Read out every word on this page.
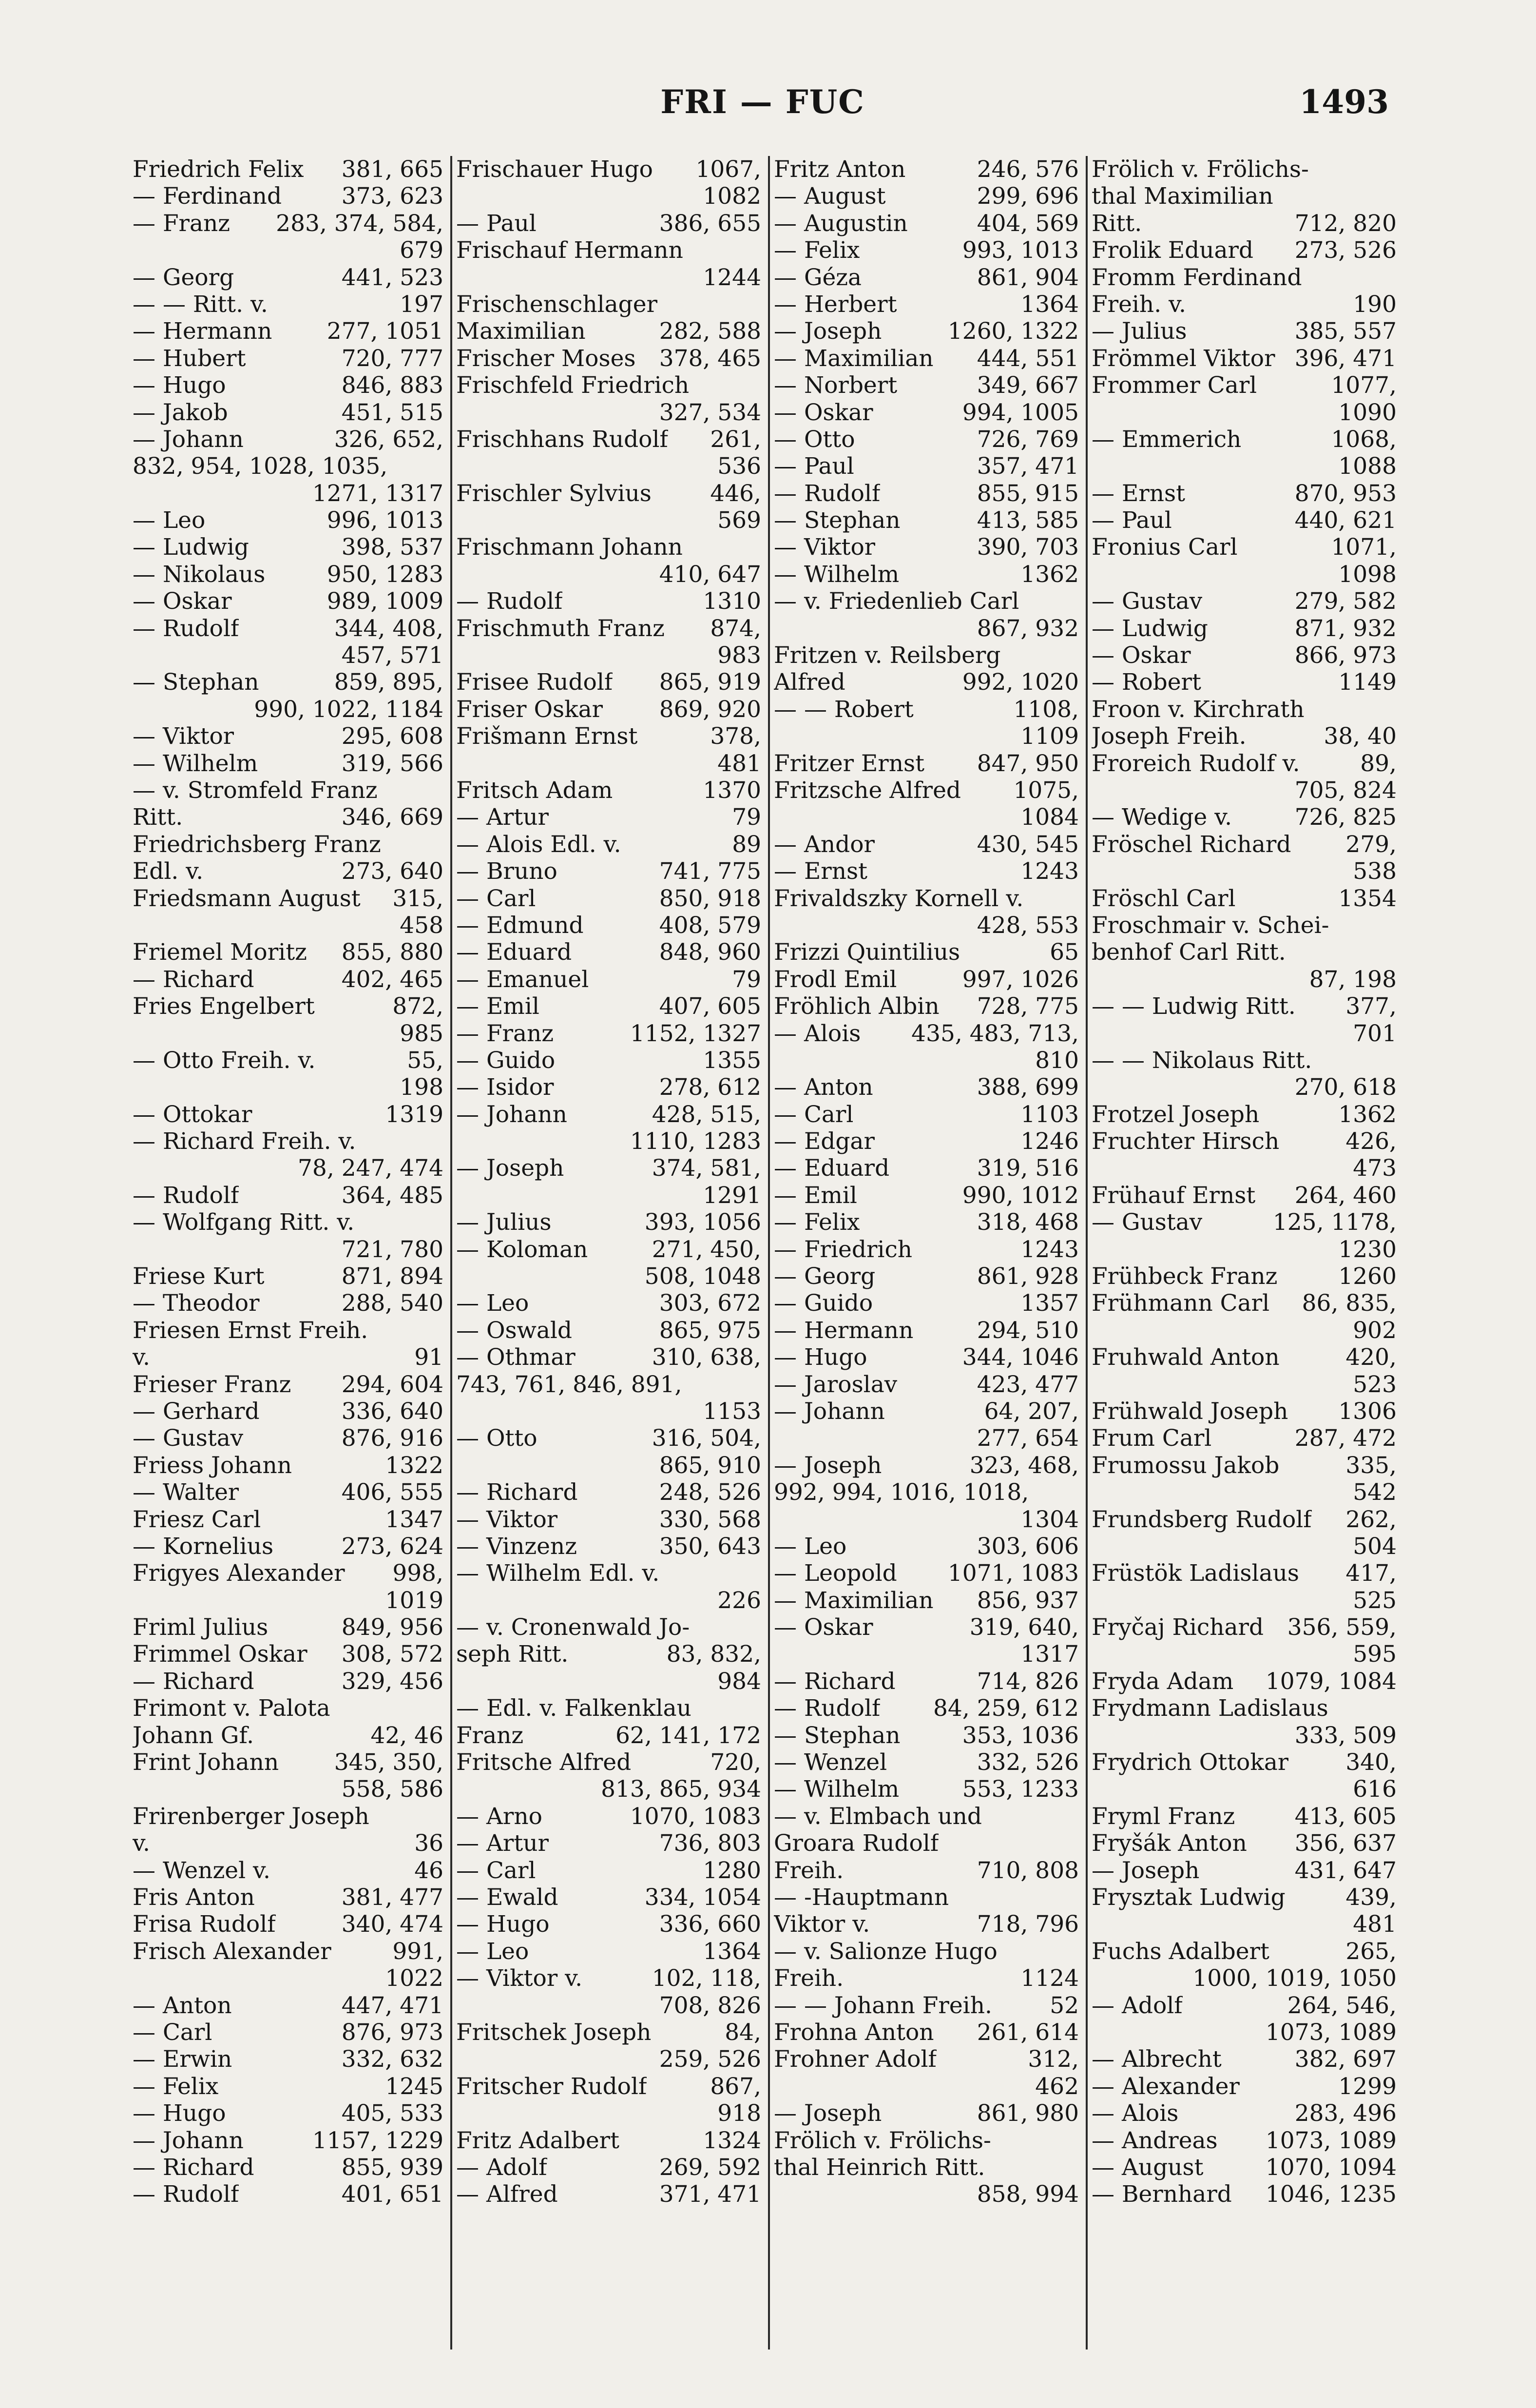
FRI — FUC	1493
Friedrich Felix	381, 665
— Ferdinand	373, 623
— Franz	283, 374, 584,
679
— Georg	441, 523
— — Ritt. v.	197
— Hermann	277, 1051
— Hubert	720, 777
— Hugo	846, 883
— Jakob	451, 515
— Johann	326, 652,
832, 954, 1028, 1035,
1271, 1317
— Leo	996, 1013
— Ludwig	398, 537
— Nikolaus	950, 1283
— Oskar	989, 1009
— Rudolf	344, 408,
457, 571
— Stephan	859, 895,
990, 1022, 1184
— Viktor	295, 608
— Wilhelm	319, 566
— v. Stromfeld Franz
Ritt.	346, 669
Friedrichsberg Franz
Edl. v.	273, 640
Friedsmann August	315,
458
Friemel Moritz	855, 880
— Richard	402, 465
Fries Engelbert	872,
985
— Otto Freih. v.	55,
198
— Ottokar	1319
— Richard Freih. v.
78, 247, 474
— Rudolf	364, 485
— Wolfgang Ritt. v.
721, 780
Friese Kurt	871, 894
— Theodor	288, 540
Friesen Ernst Freih.
v.	91
Frieser Franz	294, 604
— Gerhard	336, 640
— Gustav	876, 916
Friess Johann	1322
— Walter	406, 555
Friesz Carl	1347
— Kornelius	273, 624
Frigyes Alexander	998,
1019
Friml Julius	849, 956
Frimmel Oskar	308, 572
— Richard	329, 456
Frimont v. Palota
Johann Gf.	42, 46
Frint Johann	345, 350,
558, 586
Frirenberger Joseph
v.	36
— Wenzel v.	46
Fris Anton	381, 477
Frisa Rudolf	340, 474
Frisch Alexander	991,
1022
— Anton	447, 471
— Carl	876, 973
— Erwin	332, 632
— Felix	1245
— Hugo	405, 533
— Johann	1157, 1229
— Richard	855, 939
— Rudolf	401, 651
Frischauer Hugo	1067,
1082
— Paul	386, 655
Frischauf Hermann
1244
Frischenschlager
Maximilian	282, 588
Frischer Moses	378, 465
Frischfeld Friedrich
327, 534
Frischhans Rudolf	261,
536
Frischler Sylvius	446,
569
Frischmann Johann
410, 647
— Rudolf	1310
Frischmuth Franz	874,
983
Frisee Rudolf	865, 919
Friser Oskar	869, 920
Frišmann Ernst	378,
481
Fritsch Adam	1370
— Artur	79
— Alois Edl. v.	89
— Bruno	741, 775
— Carl	850, 918
— Edmund	408, 579
— Eduard	848, 960
— Emanuel	79
— Emil	407, 605
— Franz	1152, 1327
— Guido	1355
— Isidor	278, 612
— Johann	428, 515,
1110, 1283
— Joseph	374, 581,
1291
— Julius	393, 1056
— Koloman	271, 450,
508, 1048
— Leo	303, 672
— Oswald	865, 975
— Othmar	310, 638,
743, 761, 846, 891,
1153
— Otto	316, 504,
865, 910
— Richard	248, 526
— Viktor	330, 568
— Vinzenz	350, 643
— Wilhelm Edl. v.
226
— v. Cronenwald Jo-
seph Ritt.	83, 832,
984
— Edl. v. Falkenklau
Franz	62, 141, 172
Fritsche Alfred	720,
813, 865, 934
— Arno	1070, 1083
— Artur	736, 803
— Carl	1280
— Ewald	334, 1054
— Hugo	336, 660
— Leo	1364
— Viktor v.	102, 118,
708, 826
Fritschek Joseph	84,
259, 526
Fritscher Rudolf	867,
918
Fritz Adalbert	1324
— Adolf	269, 592
— Alfred	371, 471
Fritz Anton	246, 576
— August	299, 696
— Augustin	404, 569
— Felix	993, 1013
— Géza	861, 904
— Herbert	1364
— Joseph	1260, 1322
— Maximilian	444, 551
— Norbert	349, 667
— Oskar	994, 1005
— Otto	726, 769
— Paul	357, 471
— Rudolf	855, 915
— Stephan	413, 585
— Viktor	390, 703
— Wilhelm	1362
— v. Friedenlieb Carl
867, 932
Fritzen v. Reilsberg
Alfred	992, 1020
— — Robert	1108,
1109
Fritzer Ernst	847, 950
Fritzsche Alfred	1075,
1084
— Andor	430, 545
— Ernst	1243
Frivaldszky Kornell v.
428, 553
Frizzi Quintilius	65
Frodl Emil	997, 1026
Fröhlich Albin	728, 775
— Alois	435, 483, 713,
810
— Anton	388, 699
— Carl	1103
— Edgar	1246
— Eduard	319, 516
— Emil	990, 1012
— Felix	318, 468
— Friedrich	1243
— Georg	861, 928
— Guido	1357
— Hermann	294, 510
— Hugo	344, 1046
— Jaroslav	423, 477
— Johann	64, 207,
277, 654
— Joseph	323, 468,
992, 994, 1016, 1018,
1304
— Leo	303, 606
— Leopold	1071, 1083
— Maximilian	856, 937
— Oskar	319, 640,
1317
— Richard	714, 826
— Rudolf	84, 259, 612
— Stephan	353, 1036
— Wenzel	332, 526
— Wilhelm	553, 1233
— v. Elmbach und
Groara Rudolf
Freih.	710, 808
— -Hauptmann
Viktor v.	718, 796
— v. Salionze Hugo
Freih.	1124
— — Johann Freih.	52
Frohna Anton	261, 614
Frohner Adolf	312,
462
— Joseph	861, 980
Frölich v. Frölichs-
thal Heinrich Ritt.
858, 994
Frölich v. Frölichs-
thal Maximilian
Ritt.	712, 820
Frolik Eduard	273, 526
Fromm Ferdinand
Freih. v.	190
— Julius	385, 557
Frömmel Viktor 396, 471
Frommer Carl	1077,
1090
— Emmerich	1068,
1088
— Ernst	870, 953
— Paul	440, 621
Fronius Carl	1071,
1098
— Gustav	279, 582
— Ludwig	871, 932
— Oskar	866, 973
— Robert	1149
Froon v. Kirchrath
Joseph Freih.	38, 40
Froreich Rudolf v.	89,
705, 824
— Wedige v.	726, 825
Fröschel Richard	279,
538
Fröschl Carl	1354
Froschmair v. Schei-
benhof Carl Ritt.
87, 198
— — Ludwig Ritt.	377,
701
— — Nikolaus Ritt.
270, 618
Frotzel Joseph	1362
Fruchter Hirsch	426,
473
Frühauf Ernst	264, 460
— Gustav	125, 1178,
1230
Frühbeck Franz	1260
Frühmann Carl	86, 835,
902
Fruhwald Anton	420,
523
Frühwald Joseph	1306
Frum Carl	287, 472
Frumossu Jakob	335,
542
Frundsberg Rudolf	262,
504
Früstök Ladislaus	417,
525
Fryčaj Richard	356, 559,
595
Fryda Adam	1079, 1084
Frydmann Ladislaus
333, 509
Frydrich Ottokar	340,
616
Fryml Franz	413, 605
Fryšák Anton	356, 637
— Joseph	431, 647
Frysztak Ludwig	439,
481
Fuchs Adalbert	265,
1000, 1019, 1050
— Adolf	264, 546,
1073, 1089
— Albrecht	382, 697
— Alexander	1299
— Alois	283, 496
— Andreas	1073, 1089
— August	1070, 1094
— Bernhard	1046, 1235
